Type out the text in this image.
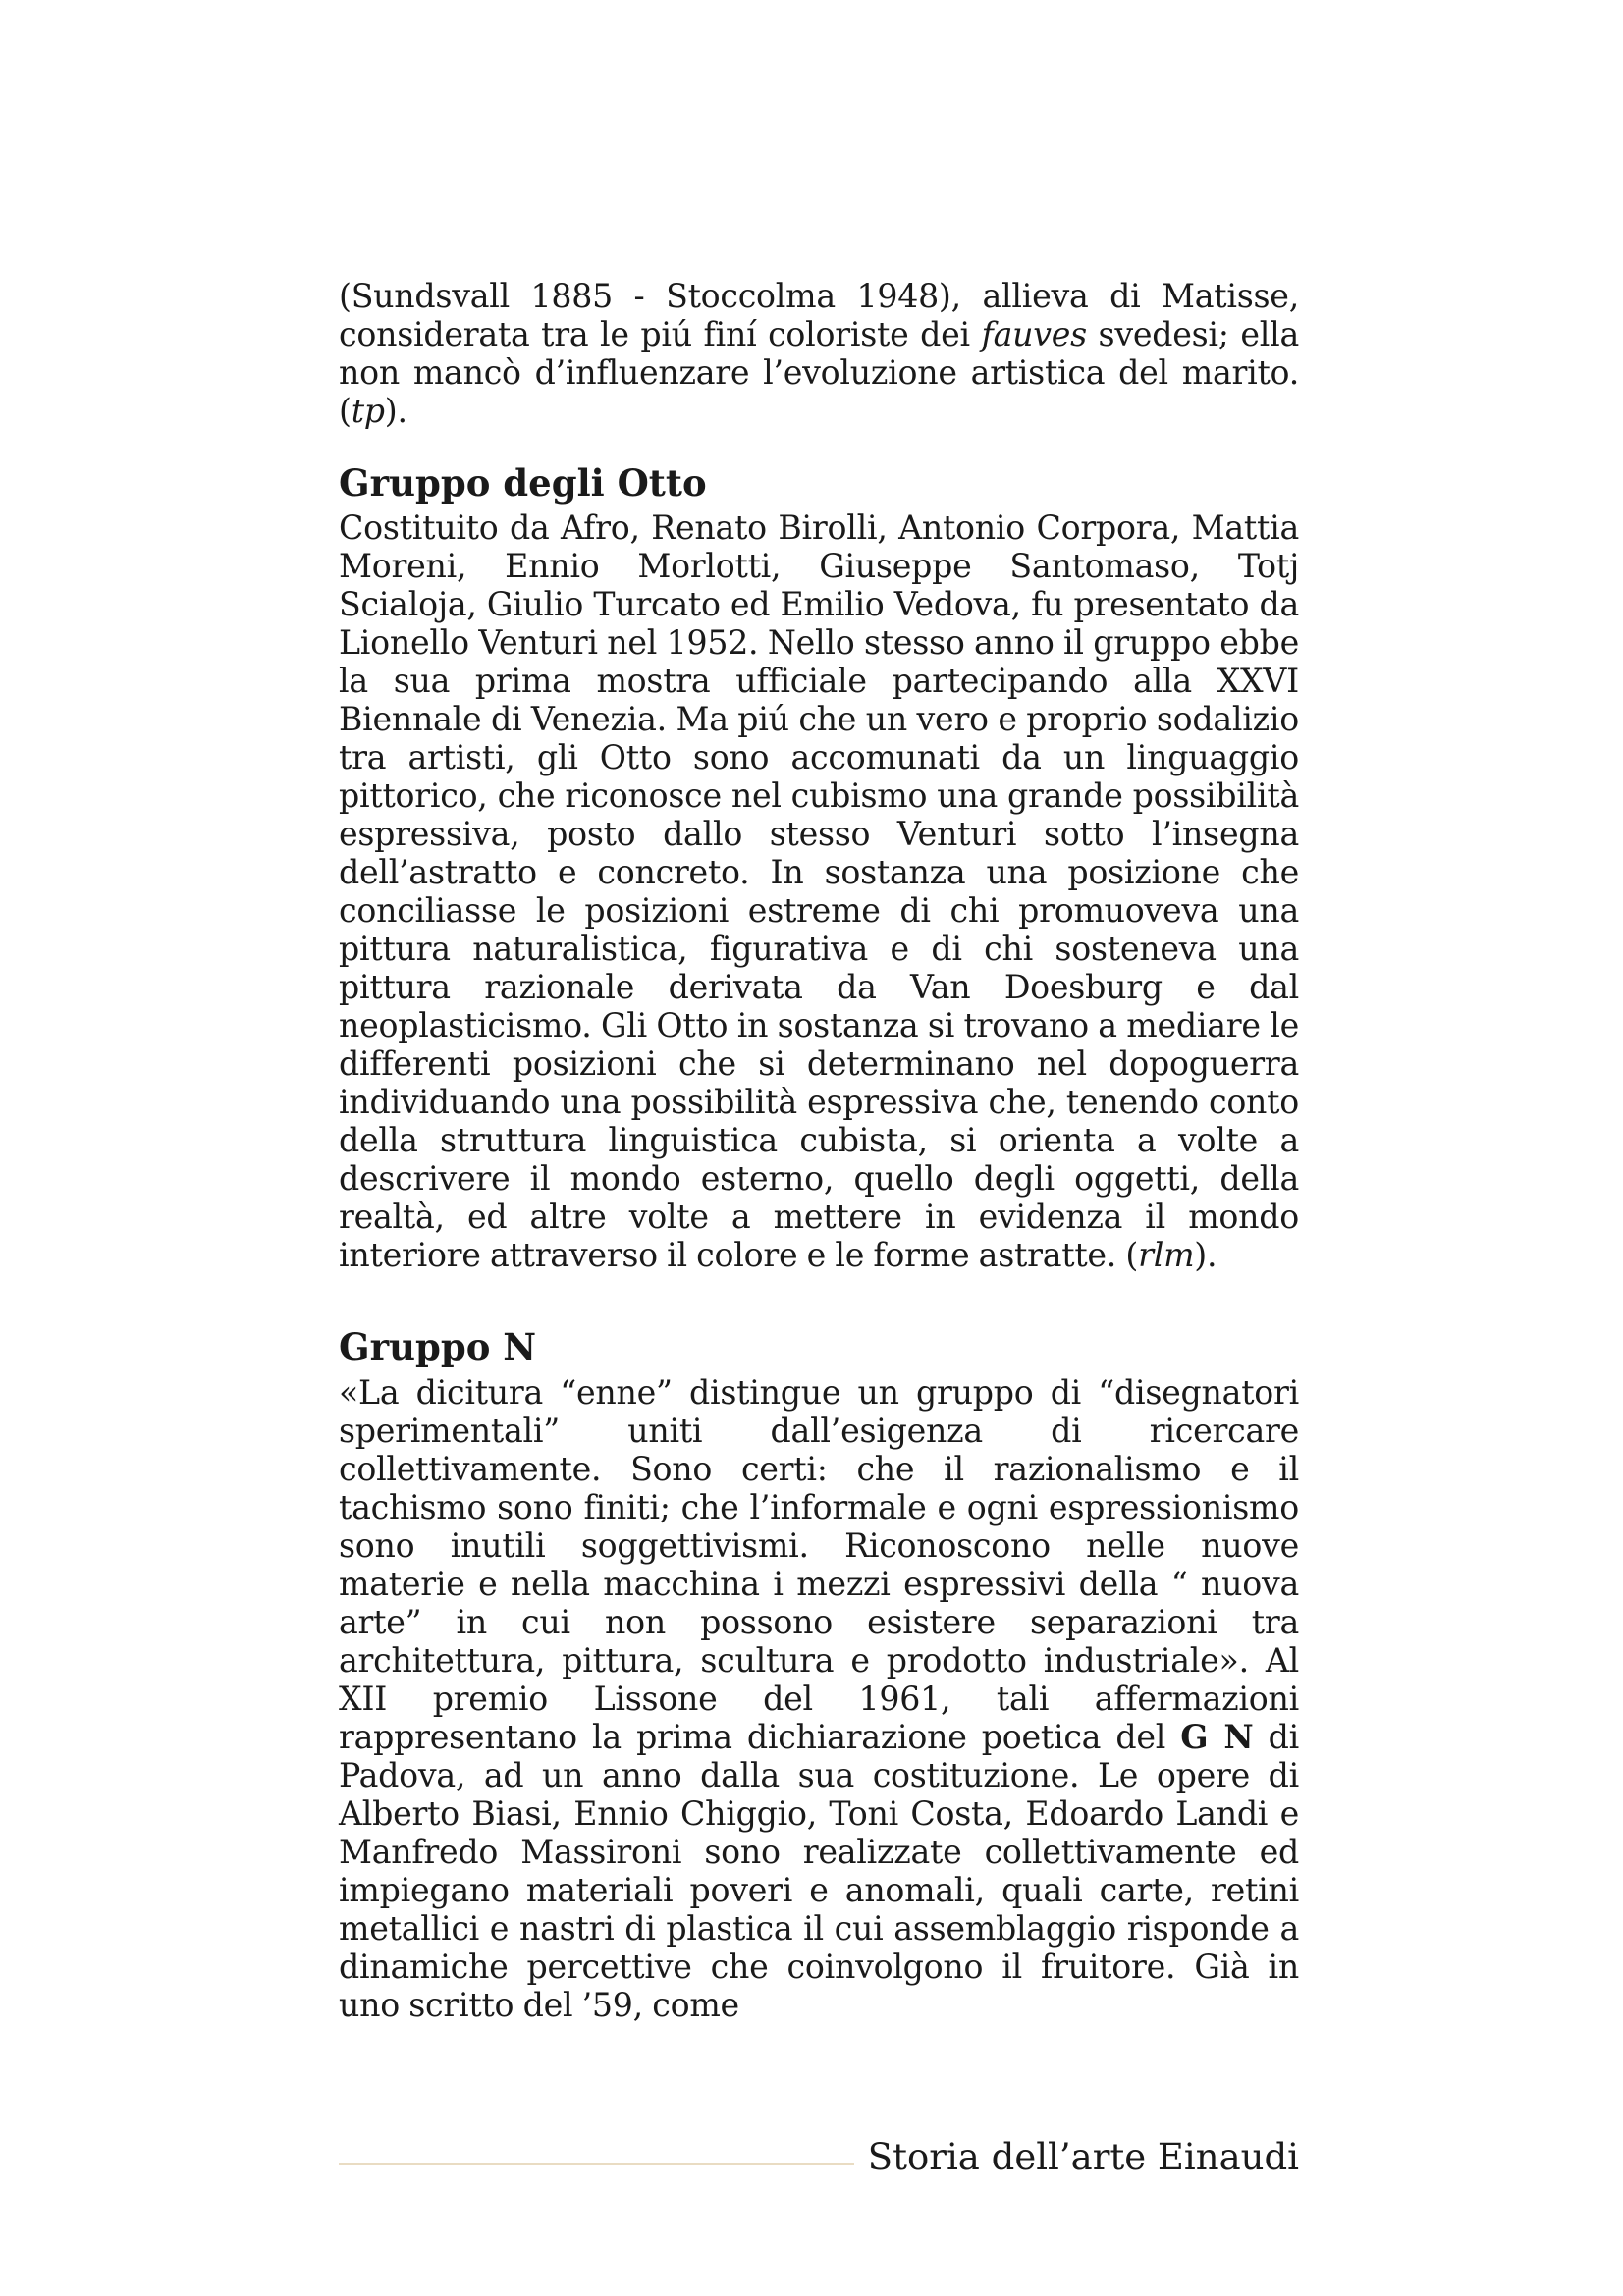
(Sundsvall 1885 - Stoccolma 1948), allieva di Matisse, considerata tra le piú finí coloriste dei fauves svedesi; ella non mancò d’influenzare l’evoluzione artistica del marito. (tp).

Gruppo degli Otto

Costituito da Afro, Renato Birolli, Antonio Corpora, Mattia Moreni, Ennio Morlotti, Giuseppe Santomaso, Totj Scialoja, Giulio Turcato ed Emilio Vedova, fu presentato da Lionello Venturi nel 1952. Nello stesso anno il gruppo ebbe la sua prima mostra ufficiale partecipando alla XXVI Biennale di Venezia. Ma piú che un vero e proprio sodalizio tra artisti, gli Otto sono accomunati da un linguaggio pittorico, che riconosce nel cubismo una grande possibilità espressiva, posto dallo stesso Venturi sotto l’insegna dell’astratto e concreto. In sostanza una posizione che conciliasse le posizioni estreme di chi promuoveva una pittura naturalistica, figurativa e di chi sosteneva una pittura razionale derivata da Van Doesburg e dal neoplasticismo. Gli Otto in sostanza si trovano a mediare le differenti posizioni che si determinano nel dopoguerra individuando una possibilità espressiva che, tenendo conto della struttura linguistica cubista, si orienta a volte a descrivere il mondo esterno, quello degli oggetti, della realtà, ed altre volte a mettere in evidenza il mondo interiore attraverso il colore e le forme astratte. (rlm).

Gruppo N

«La dicitura “enne” distingue un gruppo di “disegnatori sperimentali” uniti dall’esigenza di ricercare collettivamente. Sono certi: che il razionalismo e il tachismo sono finiti; che l’informale e ogni espressionismo sono inutili soggettivismi. Riconoscono nelle nuove materie e nella macchina i mezzi espressivi della “ nuova arte” in cui non possono esistere separazioni tra architettura, pittura, scultura e prodotto industriale». Al XII premio Lissone del 1961, tali affermazioni rappresentano la prima dichiarazione poetica del G N di Padova, ad un anno dalla sua costituzione. Le opere di Alberto Biasi, Ennio Chiggio, Toni Costa, Edoardo Landi e Manfredo Massironi sono realizzate collettivamente ed impiegano materiali poveri e anomali, quali carte, retini metallici e nastri di plastica il cui assemblaggio risponde a dinamiche percettive che coinvolgono il fruitore. Già in uno scritto del ’59, come

Storia dell’arte Einaudi
